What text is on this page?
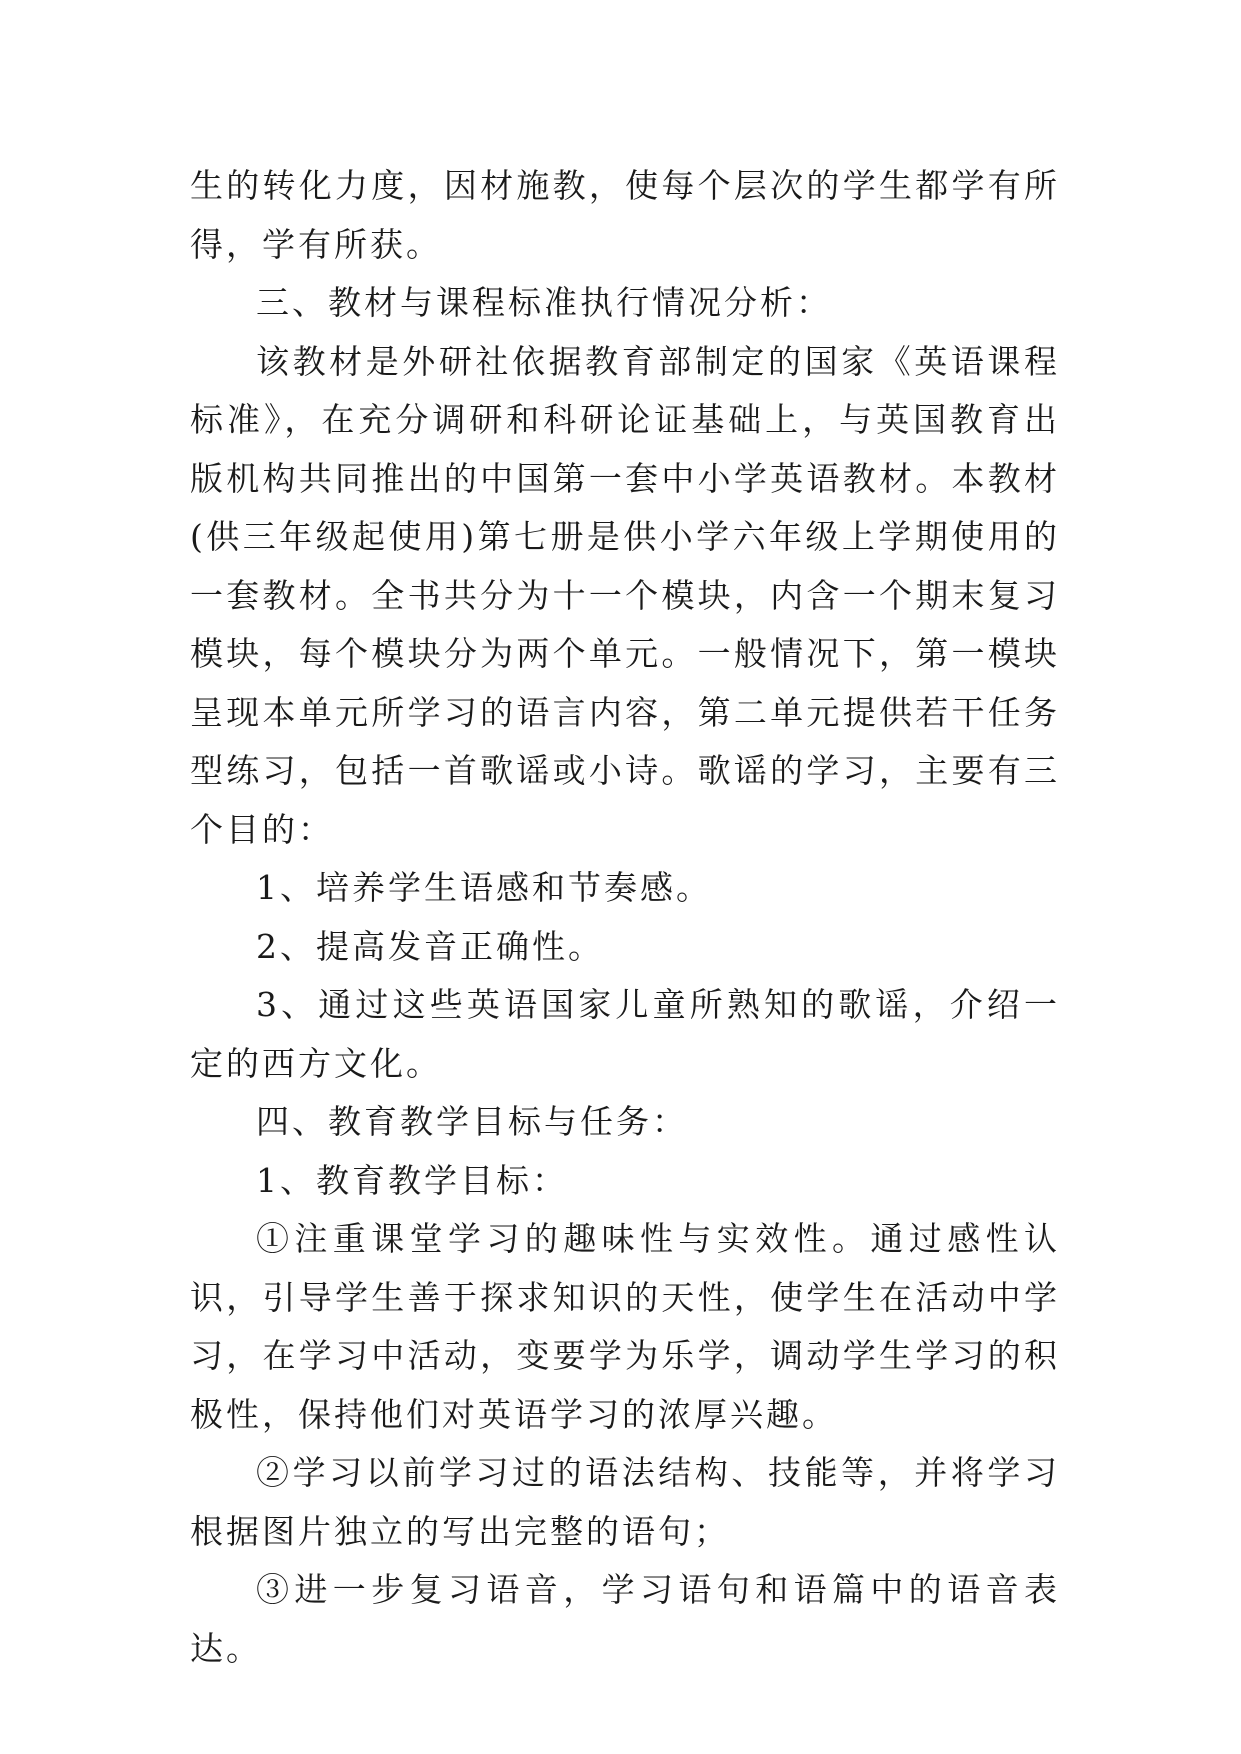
生的转化力度，因材施教，使每个层次的学生都学有所得，学有所获。

三、教材与课程标准执行情况分析：

该教材是外研社依据教育部制定的国家《英语课程标准》，在充分调研和科研论证基础上，与英国教育出版机构共同推出的中国第一套中小学英语教材。本教材(供三年级起使用)第七册是供小学六年级上学期使用的一套教材。全书共分为十一个模块，内含一个期末复习模块，每个模块分为两个单元。一般情况下，第一模块呈现本单元所学习的语言内容，第二单元提供若干任务型练习，包括一首歌谣或小诗。歌谣的学习，主要有三个目的：

1、培养学生语感和节奏感。

2、提高发音正确性。

3、通过这些英语国家儿童所熟知的歌谣，介绍一定的西方文化。

四、教育教学目标与任务：

1、教育教学目标：

①注重课堂学习的趣味性与实效性。通过感性认识，引导学生善于探求知识的天性，使学生在活动中学习，在学习中活动，变要学为乐学，调动学生学习的积极性，保持他们对英语学习的浓厚兴趣。

②学习以前学习过的语法结构、技能等，并将学习根据图片独立的写出完整的语句；

③进一步复习语音，学习语句和语篇中的语音表达。
